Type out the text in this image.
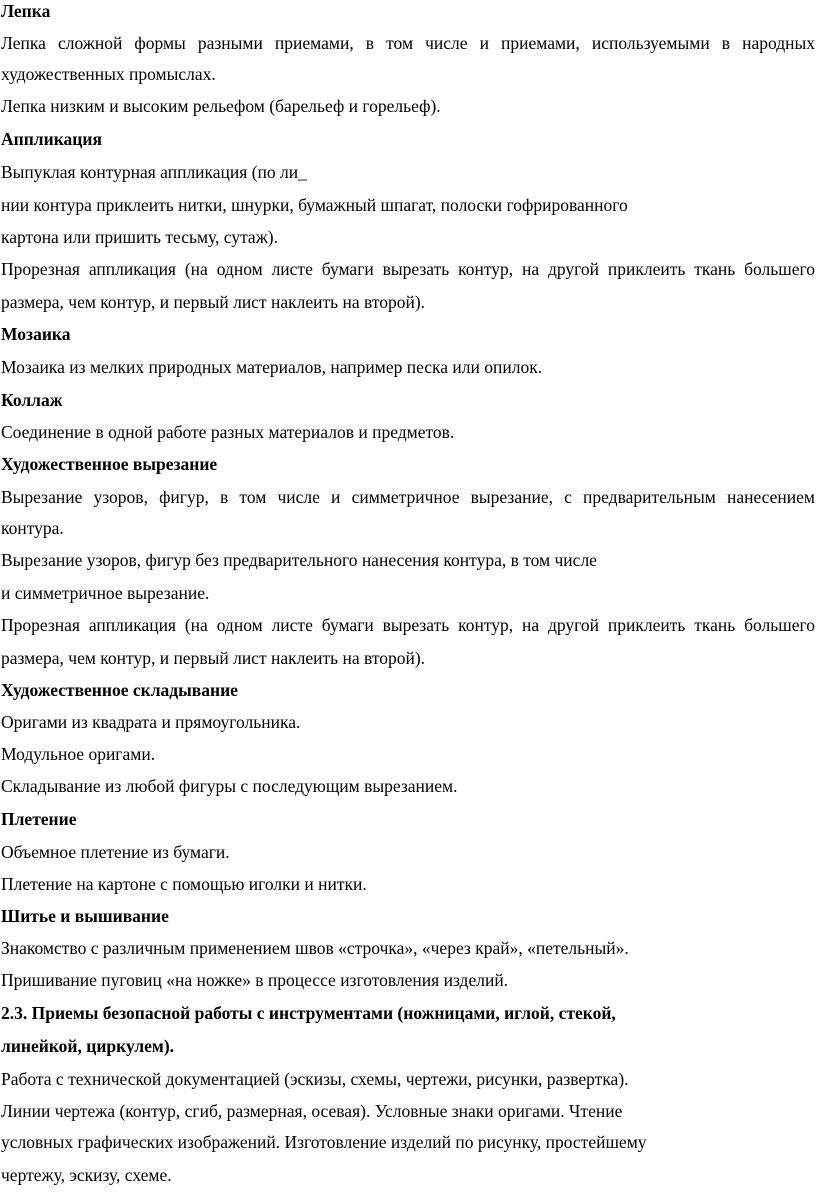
Лепка
Лепка сложной формы разными приемами, в том числе и приемами, используемыми в народных
художественных промыслах.
Лепка низким и высоким рельефом (барельеф и горельеф).
Аппликация
Выпуклая контурная аппликация (по ли_
нии контура приклеить нитки, шнурки, бумажный шпагат, полоски гофрированного
картона или пришить тесьму, сутаж).
Прорезная аппликация (на одном листе бумаги вырезать контур, на другой приклеить ткань большего
размера, чем контур, и первый лист наклеить на второй).
Мозаика
Мозаика из мелких природных материалов, например песка или опилок.
Коллаж
Соединение в одной работе разных материалов и предметов.
Художественное вырезание
Вырезание узоров, фигур, в том числе и симметричное вырезание, с предварительным нанесением
контура.
Вырезание узоров, фигур без предварительного нанесения контура, в том числе
и симметричное вырезание.
Прорезная аппликация (на одном листе бумаги вырезать контур, на другой приклеить ткань большего
размера, чем контур, и первый лист наклеить на второй).
Художественное складывание
Оригами из квадрата и прямоугольника.
Модульное оригами.
Складывание из любой фигуры с последующим вырезанием.
Плетение
Объемное плетение из бумаги.
Плетение на картоне с помощью иголки и нитки.
Шитье и вышивание
Знакомство с различным применением швов «строчка», «через край», «петельный».
Пришивание пуговиц «на ножке» в процессе изготовления изделий.
2.3. Приемы безопасной работы с инструментами (ножницами, иглой, стекой,
линейкой, циркулем).
Работа с технической документацией (эскизы, схемы, чертежи, рисунки, развертка).
Линии чертежа (контур, сгиб, размерная, осевая). Условные знаки оригами. Чтение
условных графических изображений. Изготовление изделий по рисунку, простейшему
чертежу, эскизу, схеме.
